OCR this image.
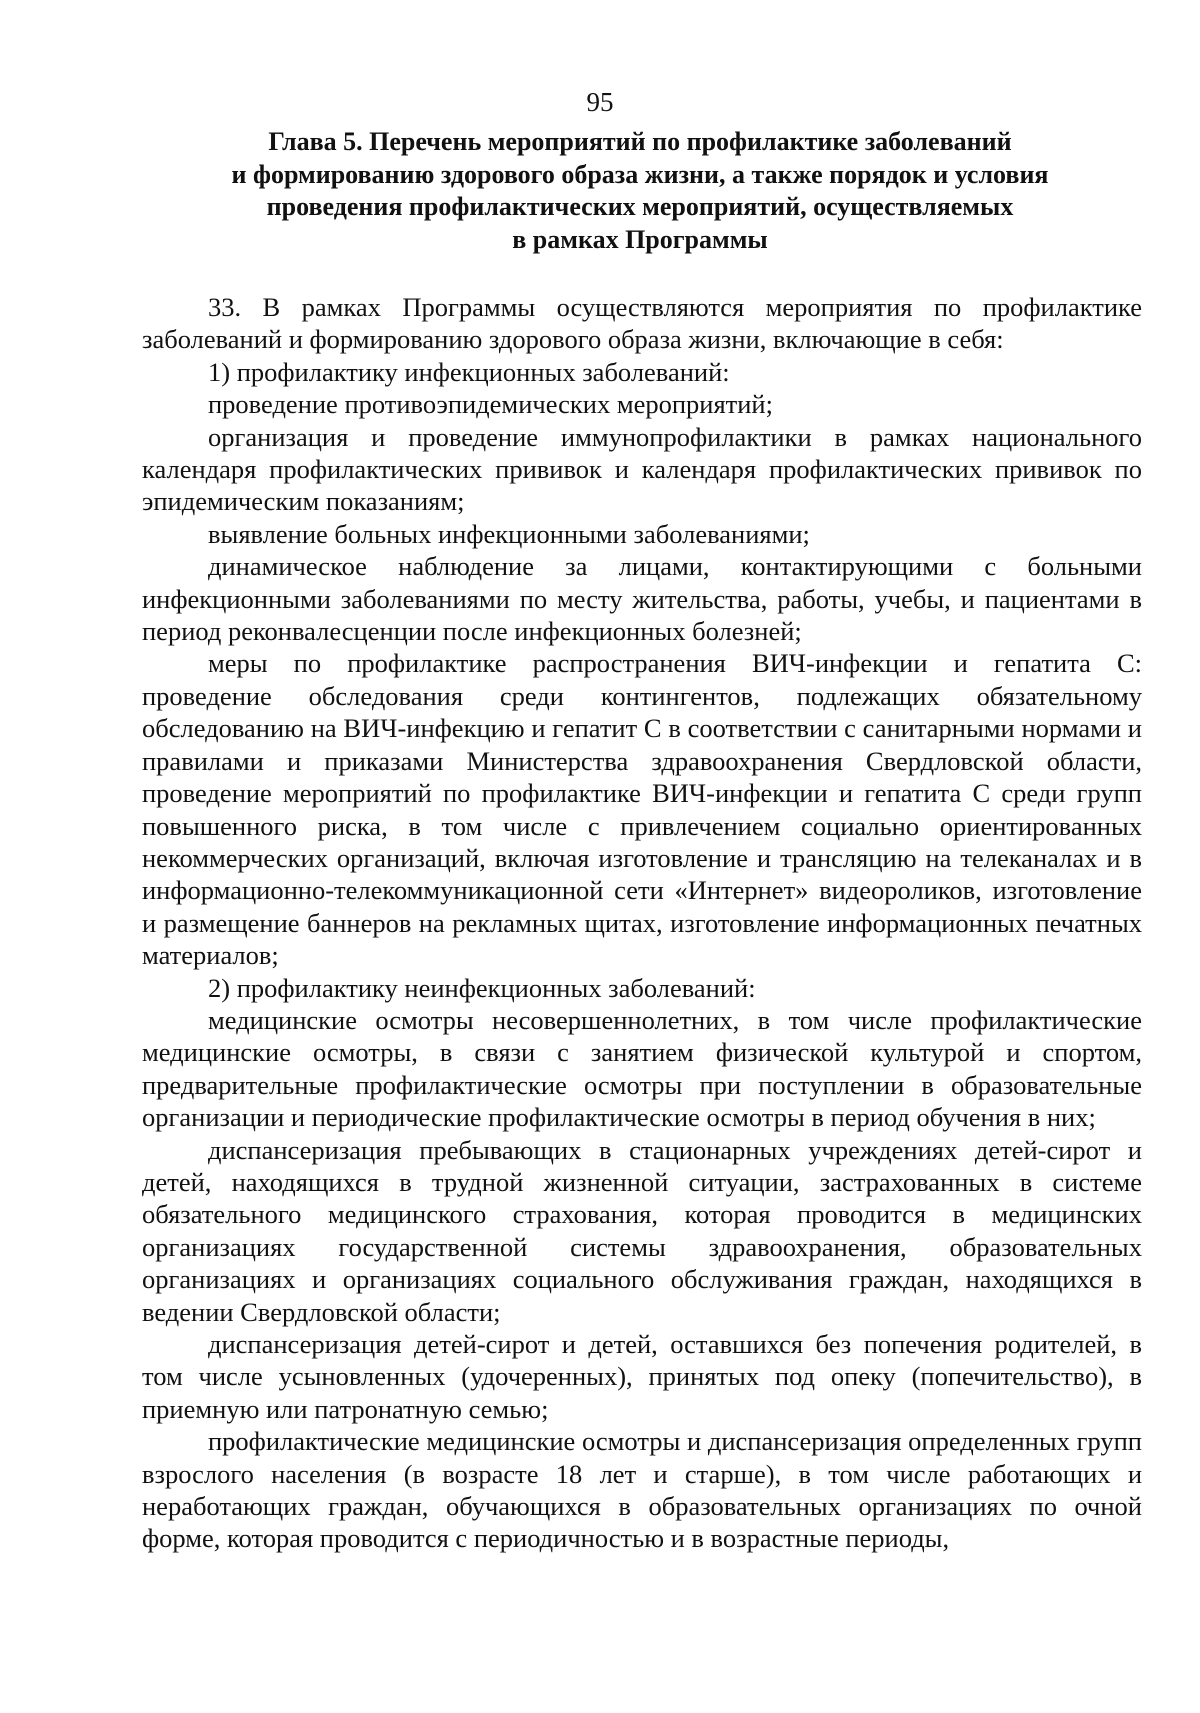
95
Глава 5. Перечень мероприятий по профилактике заболеваний
и формированию здорового образа жизни, а также порядок и условия
проведения профилактических мероприятий, осуществляемых
в рамках Программы

33. В рамках Программы осуществляются мероприятия по профилактике заболеваний и формированию здорового образа жизни, включающие в себя:

1) профилактику инфекционных заболеваний:

проведение противоэпидемических мероприятий;

организация и проведение иммунопрофилактики в рамках национального календаря профилактических прививок и календаря профилактических прививок по эпидемическим показаниям;

выявление больных инфекционными заболеваниями;

динамическое наблюдение за лицами, контактирующими с больными инфекционными заболеваниями по месту жительства, работы, учебы, и пациентами в период реконвалесценции после инфекционных болезней;

меры по профилактике распространения ВИЧ-инфекции и гепатита С: проведение обследования среди контингентов, подлежащих обязательному обследованию на ВИЧ-инфекцию и гепатит С в соответствии с санитарными нормами и правилами и приказами Министерства здравоохранения Свердловской области, проведение мероприятий по профилактике ВИЧ-инфекции и гепатита С среди групп повышенного риска, в том числе с привлечением социально ориентированных некоммерческих организаций, включая изготовление и трансляцию на телеканалах и в информационно-телекоммуникационной сети «Интернет» видеороликов, изготовление и размещение баннеров на рекламных щитах, изготовление информационных печатных материалов;

2) профилактику неинфекционных заболеваний:

медицинские осмотры несовершеннолетних, в том числе профилактические медицинские осмотры, в связи с занятием физической культурой и спортом, предварительные профилактические осмотры при поступлении в образовательные организации и периодические профилактические осмотры в период обучения в них;

диспансеризация пребывающих в стационарных учреждениях детей-сирот и детей, находящихся в трудной жизненной ситуации, застрахованных в системе обязательного медицинского страхования, которая проводится в медицинских организациях государственной системы здравоохранения, образовательных организациях и организациях социального обслуживания граждан, находящихся в ведении Свердловской области;

диспансеризация детей-сирот и детей, оставшихся без попечения родителей, в том числе усыновленных (удочеренных), принятых под опеку (попечительство), в приемную или патронатную семью;

профилактические медицинские осмотры и диспансеризация определенных групп взрослого населения (в возрасте 18 лет и старше), в том числе работающих и неработающих граждан, обучающихся в образовательных организациях по очной форме, которая проводится с периодичностью и в возрастные периоды,
